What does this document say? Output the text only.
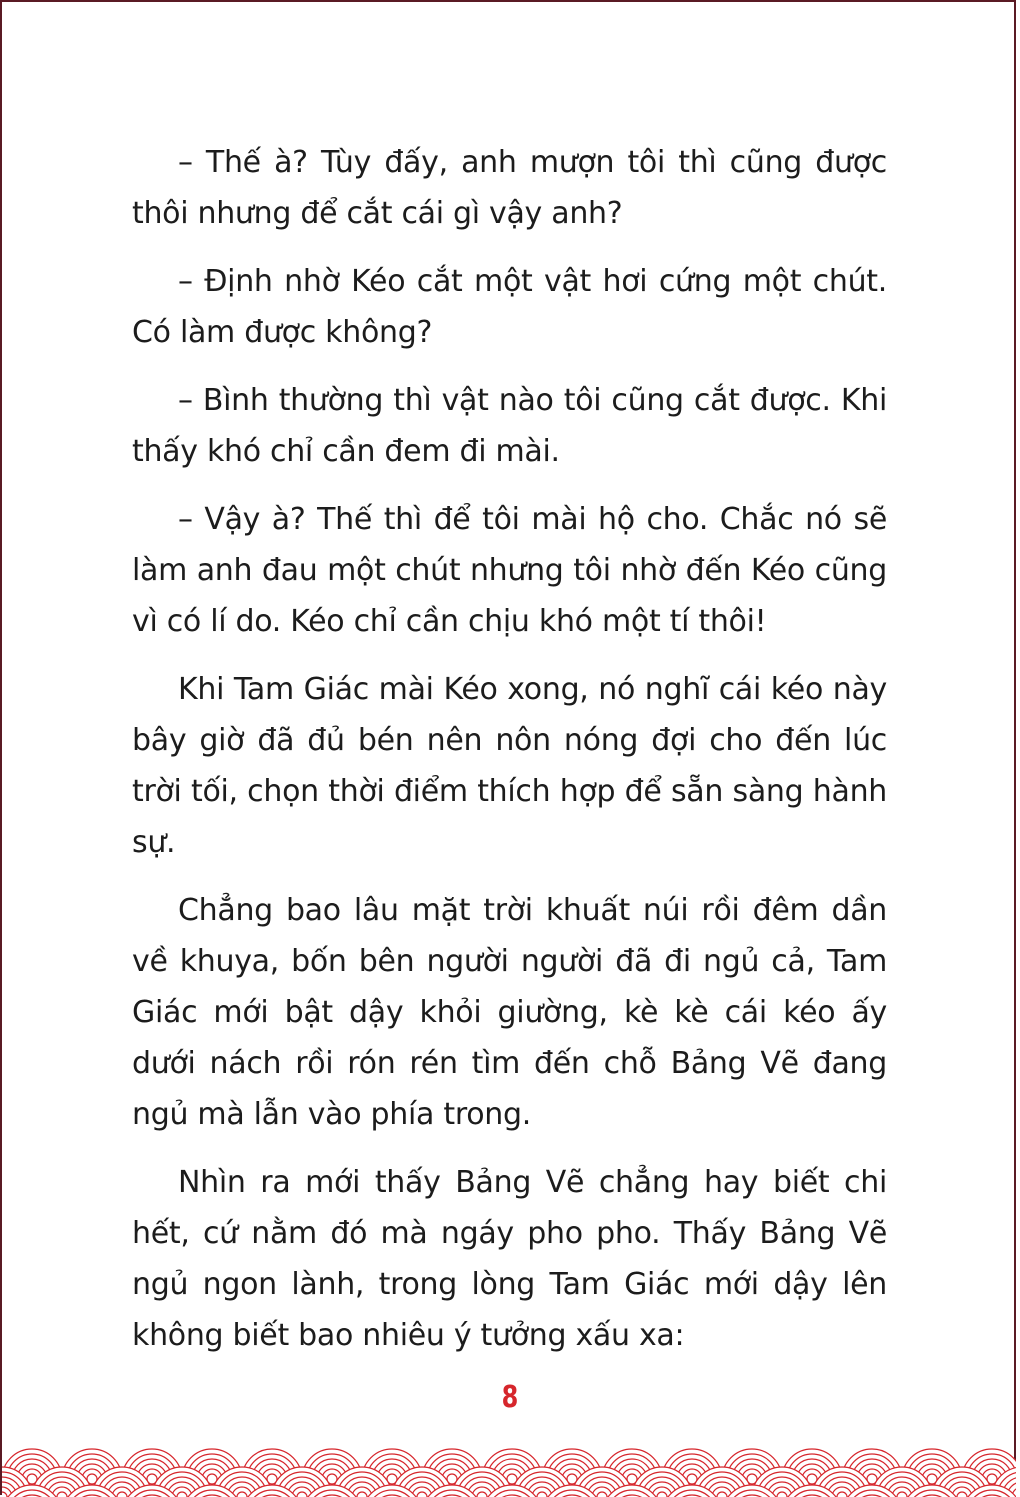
– Thế à? Tùy đấy, anh mượn tôi thì cũng được thôi nhưng để cắt cái gì vậy anh?

– Định nhờ Kéo cắt một vật hơi cứng một chút. Có làm được không?

– Bình thường thì vật nào tôi cũng cắt được. Khi thấy khó chỉ cần đem đi mài.

– Vậy à? Thế thì để tôi mài hộ cho. Chắc nó sẽ làm anh đau một chút nhưng tôi nhờ đến Kéo cũng vì có lí do. Kéo chỉ cần chịu khó một tí thôi!

Khi Tam Giác mài Kéo xong, nó nghĩ cái kéo này bây giờ đã đủ bén nên nôn nóng đợi cho đến lúc trời tối, chọn thời điểm thích hợp để sẵn sàng hành sự.

Chẳng bao lâu mặt trời khuất núi rồi đêm dần về khuya, bốn bên người người đã đi ngủ cả, Tam Giác mới bật dậy khỏi giường, kè kè cái kéo ấy dưới nách rồi rón rén tìm đến chỗ Bảng Vẽ đang ngủ mà lẫn vào phía trong.

Nhìn ra mới thấy Bảng Vẽ chẳng hay biết chi hết, cứ nằm đó mà ngáy pho pho. Thấy Bảng Vẽ ngủ ngon lành, trong lòng Tam Giác mới dậy lên không biết bao nhiêu ý tưởng xấu xa:

8
